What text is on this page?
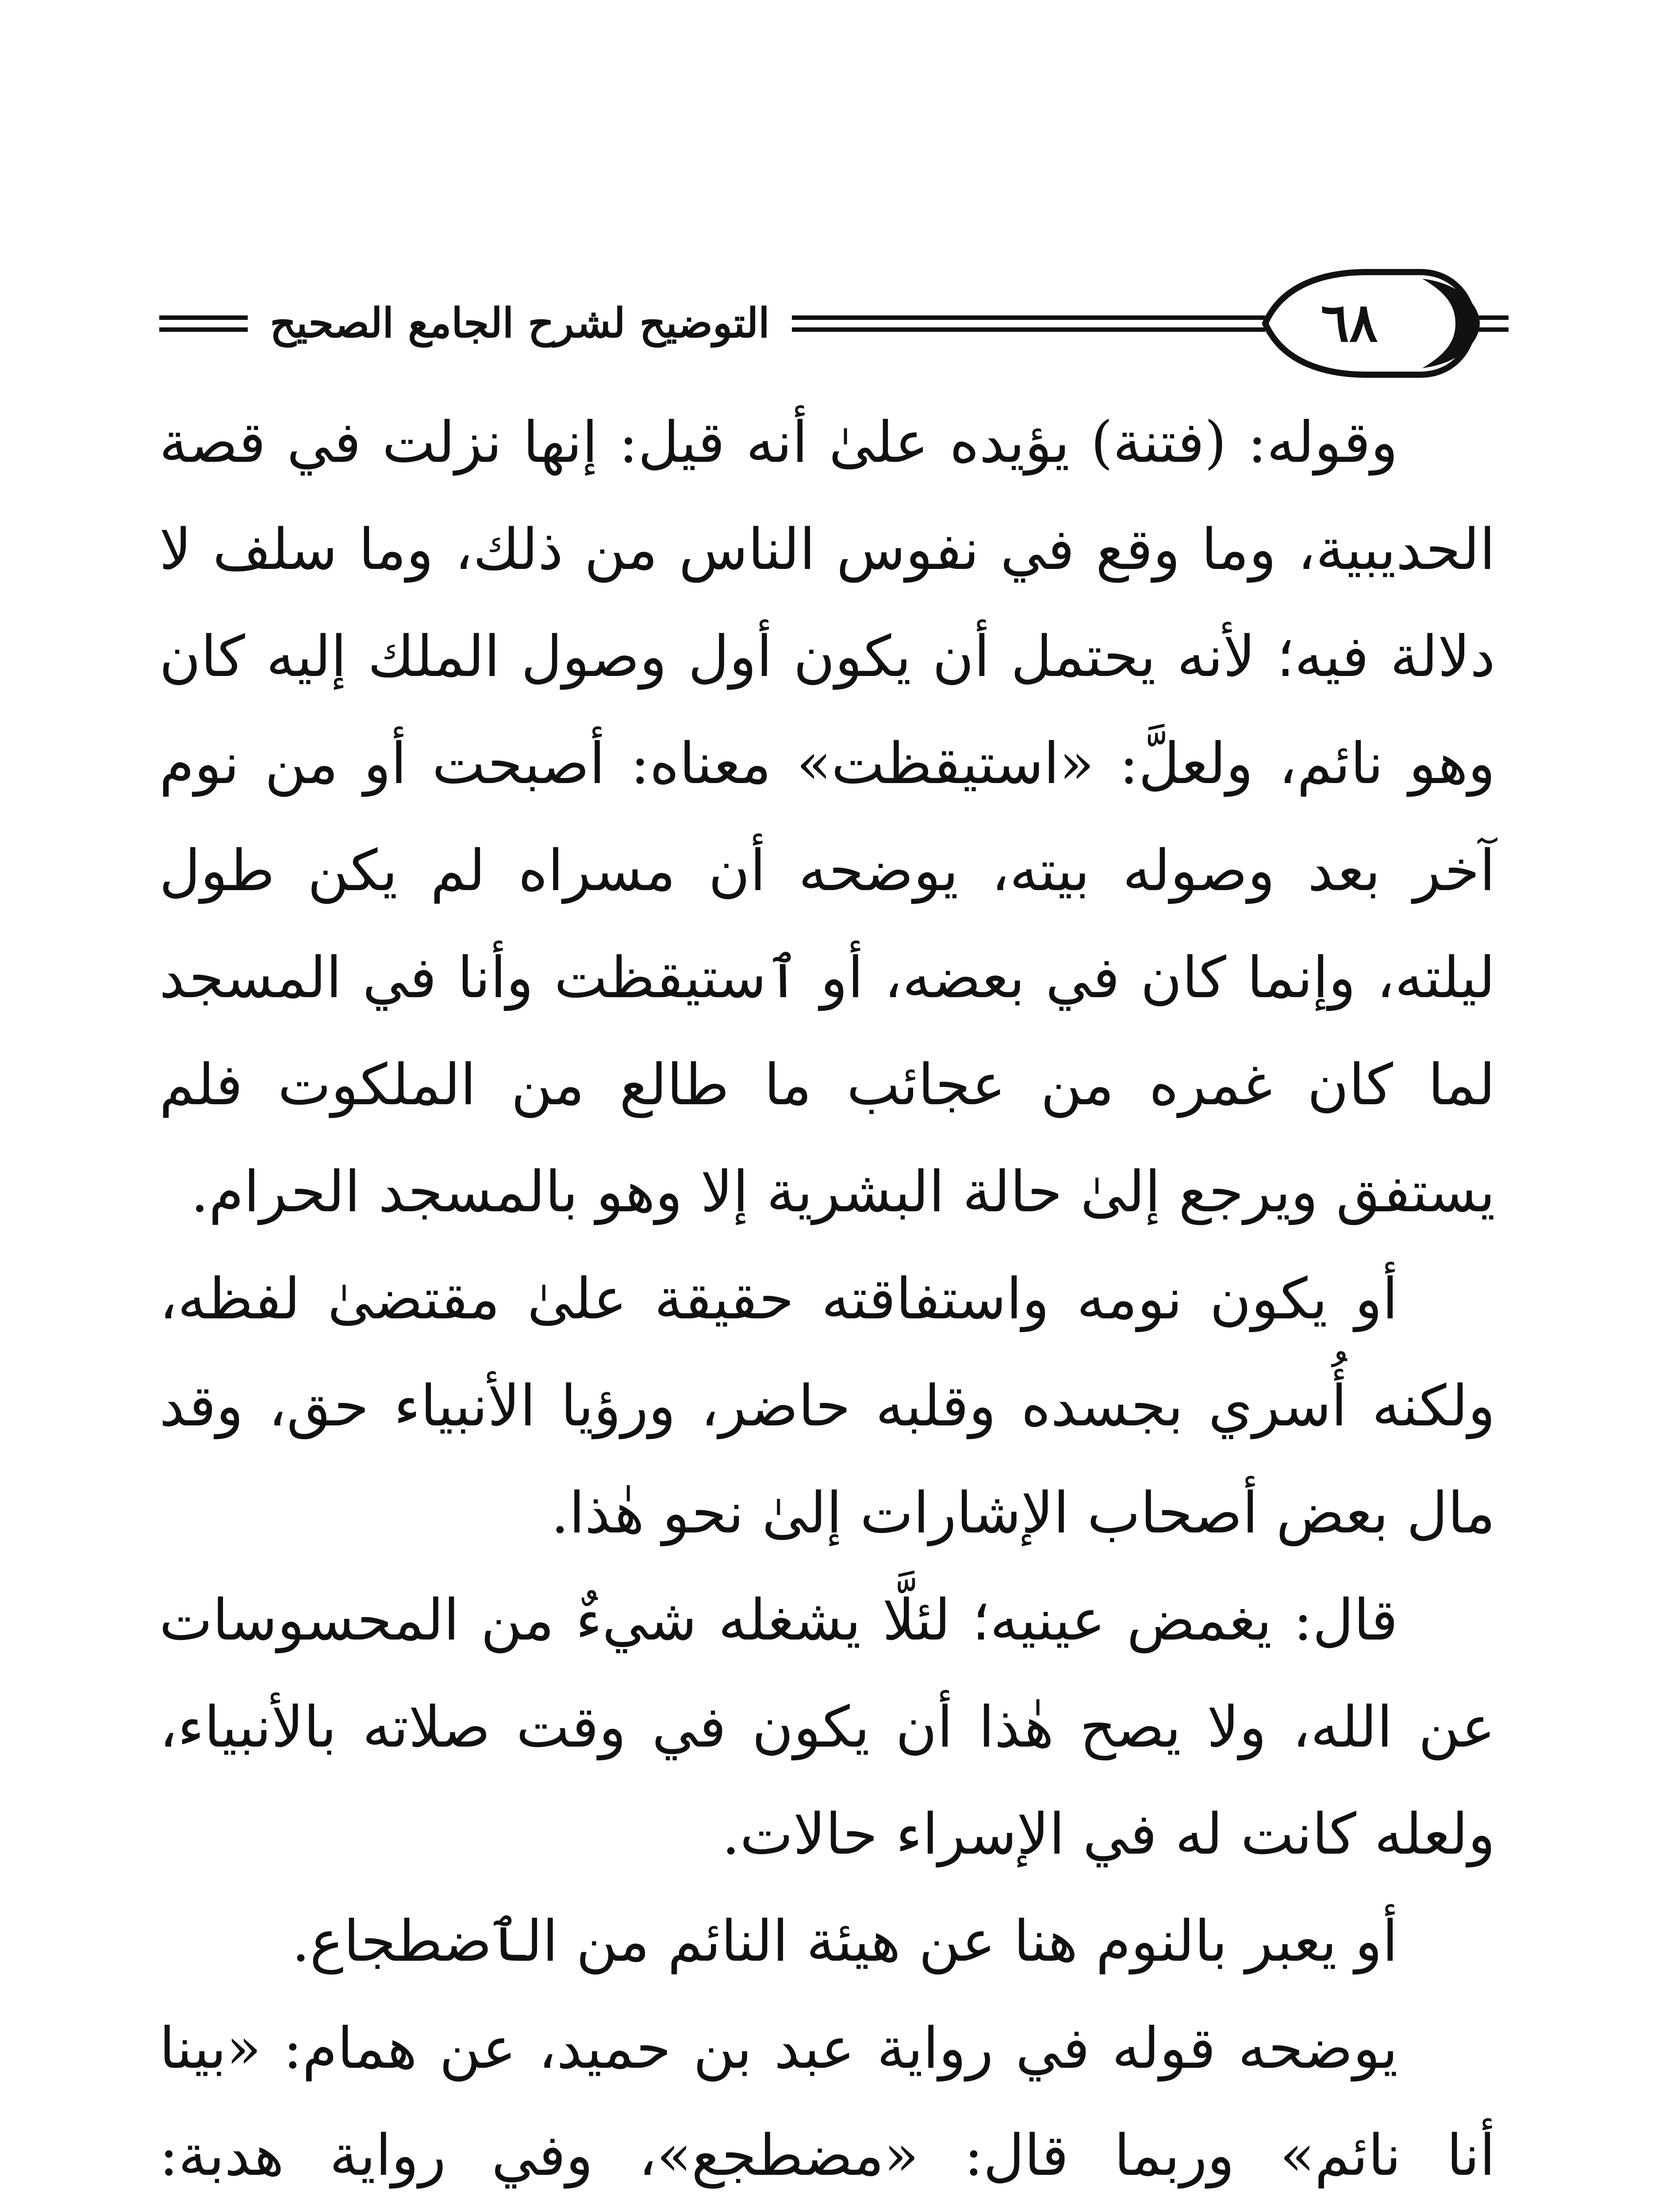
التوضيح لشرح الجامع الصحيح	٦٨

وقوله: (فتنة) يؤيده علىٰ أنه قيل: إنها نزلت في قصة الحديبية، وما وقع في نفوس الناس من ذلك، وما سلف لا دلالة فيه؛ لأنه يحتمل أن يكون أول وصول الملك إليه كان وهو نائم، ولعلَّ: «استيقظت» معناه: أصبحت أو من نوم آخر بعد وصوله بيته، يوضحه أن مسراه لم يكن طول ليلته، وإنما كان في بعضه، أو ٱستيقظت وأنا في المسجد لما كان غمره من عجائب ما طالع من الملكوت فلم يستفق ويرجع إلىٰ حالة البشرية إلا وهو بالمسجد الحرام.

أو يكون نومه واستفاقته حقيقة علىٰ مقتضىٰ لفظه، ولكنه أُسري بجسده وقلبه حاضر، ورؤيا الأنبياء حق، وقد مال بعض أصحاب الإشارات إلىٰ نحو هٰذا.

قال: يغمض عينيه؛ لئلَّا يشغله شيءٌ من المحسوسات عن الله، ولا يصح هٰذا أن يكون في وقت صلاته بالأنبياء، ولعله كانت له في الإسراء حالات.

أو يعبر بالنوم هنا عن هيئة النائم من الٱضطجاع.

يوضحه قوله في رواية عبد بن حميد، عن همام: «بينا أنا نائم» وربما قال: «مضطجع»، وفي رواية هدبة:
